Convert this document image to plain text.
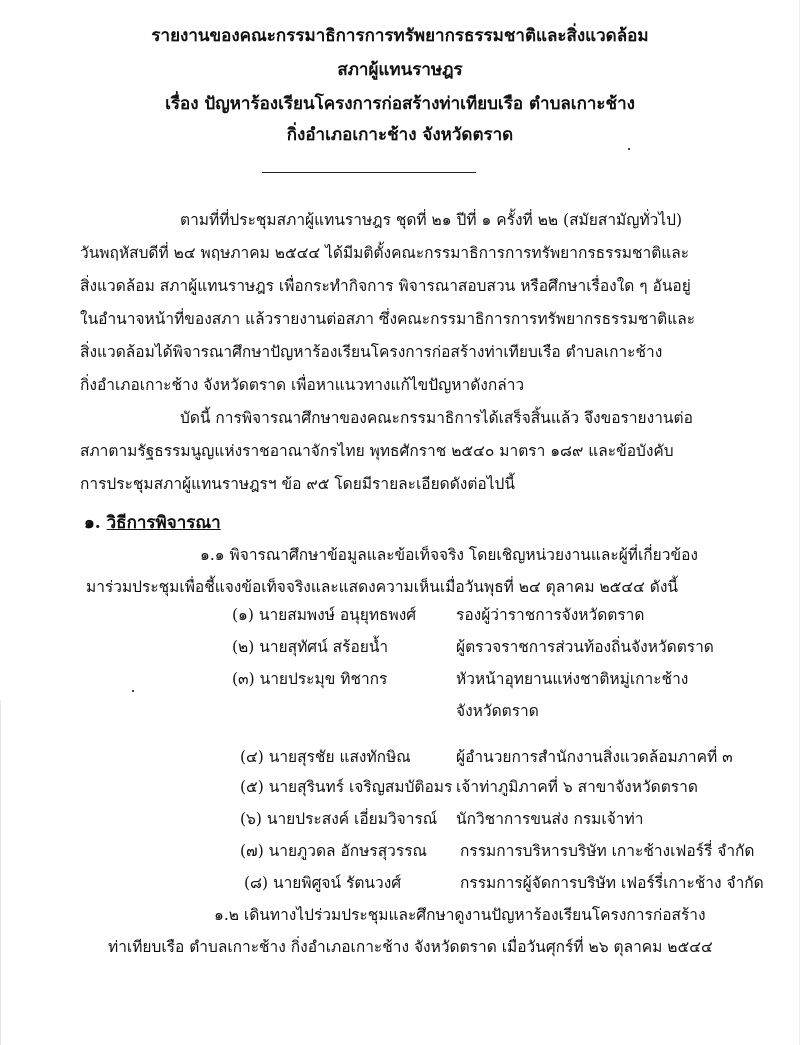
รายงานของคณะกรรมาธิการการทรัพยากรธรรมชาติและสิ่งแวดล้อม
สภาผู้แทนราษฎร
เรื่อง ปัญหาร้องเรียนโครงการก่อสร้างท่าเทียบเรือ ตำบลเกาะช้าง
กิ่งอำเภอเกาะช้าง จังหวัดตราด
ตามที่ที่ประชุมสภาผู้แทนราษฎร ชุดที่ ๒๑ ปีที่ ๑ ครั้งที่ ๒๒ (สมัยสามัญทั่วไป)
วันพฤหัสบดีที่ ๒๔ พฤษภาคม ๒๕๔๔ ได้มีมติตั้งคณะกรรมาธิการการทรัพยากรธรรมชาติและ
สิ่งแวดล้อม สภาผู้แทนราษฎร เพื่อกระทำกิจการ พิจารณาสอบสวน หรือศึกษาเรื่องใด ๆ อันอยู่
ในอำนาจหน้าที่ของสภา แล้วรายงานต่อสภา ซึ่งคณะกรรมาธิการการทรัพยากรธรรมชาติและ
สิ่งแวดล้อมได้พิจารณาศึกษาปัญหาร้องเรียนโครงการก่อสร้างท่าเทียบเรือ ตำบลเกาะช้าง
กิ่งอำเภอเกาะช้าง จังหวัดตราด เพื่อหาแนวทางแก้ไขปัญหาดังกล่าว
บัดนี้ การพิจารณาศึกษาของคณะกรรมาธิการได้เสร็จสิ้นแล้ว จึงขอรายงานต่อ
สภาตามรัฐธรรมนูญแห่งราชอาณาจักรไทย พุทธศักราช ๒๕๔๐ มาตรา ๑๘๙ และข้อบังคับ
การประชุมสภาผู้แทนราษฎรฯ ข้อ ๙๕ โดยมีรายละเอียดดังต่อไปนี้
๑. วิธีการพิจารณา
๑.๑ พิจารณาศึกษาข้อมูลและข้อเท็จจริง โดยเชิญหน่วยงานและผู้ที่เกี่ยวข้อง
มาร่วมประชุมเพื่อชี้แจงข้อเท็จจริงและแสดงความเห็นเมื่อวันพุธที่ ๒๔ ตุลาคม ๒๕๔๔ ดังนี้
(๑) นายสมพงษ์ อนุยุทธพงศ์	รองผู้ว่าราชการจังหวัดตราด
(๒) นายสุทัศน์ สร้อยน้ำ	ผู้ตรวจราชการส่วนท้องถิ่นจังหวัดตราด
(๓) นายประมุข ทิชากร	หัวหน้าอุทยานแห่งชาติหมู่เกาะช้าง
จังหวัดตราด
(๔) นายสุรชัย แสงทักษิณ	ผู้อำนวยการสำนักงานสิ่งแวดล้อมภาคที่ ๓
(๕) นายสุรินทร์ เจริญสมบัติอมร เจ้าท่าภูมิภาคที่ ๖ สาขาจังหวัดตราด
(๖) นายประสงค์ เอี่ยมวิจารณ์ นักวิชาการขนส่ง กรมเจ้าท่า
(๗) นายภูวดล อักษรสุวรรณ กรรมการบริหารบริษัท เกาะช้างเฟอร์รี่ จำกัด
(๘) นายพิศูจน์ รัตนวงศ์	กรรมการผู้จัดการบริษัท เฟอร์รี่เกาะช้าง จำกัด
๑.๒ เดินทางไปร่วมประชุมและศึกษาดูงานปัญหาร้องเรียนโครงการก่อสร้าง
ท่าเทียบเรือ ตำบลเกาะช้าง กิ่งอำเภอเกาะช้าง จังหวัดตราด เมื่อวันศุกร์ที่ ๒๖ ตุลาคม ๒๕๔๔
